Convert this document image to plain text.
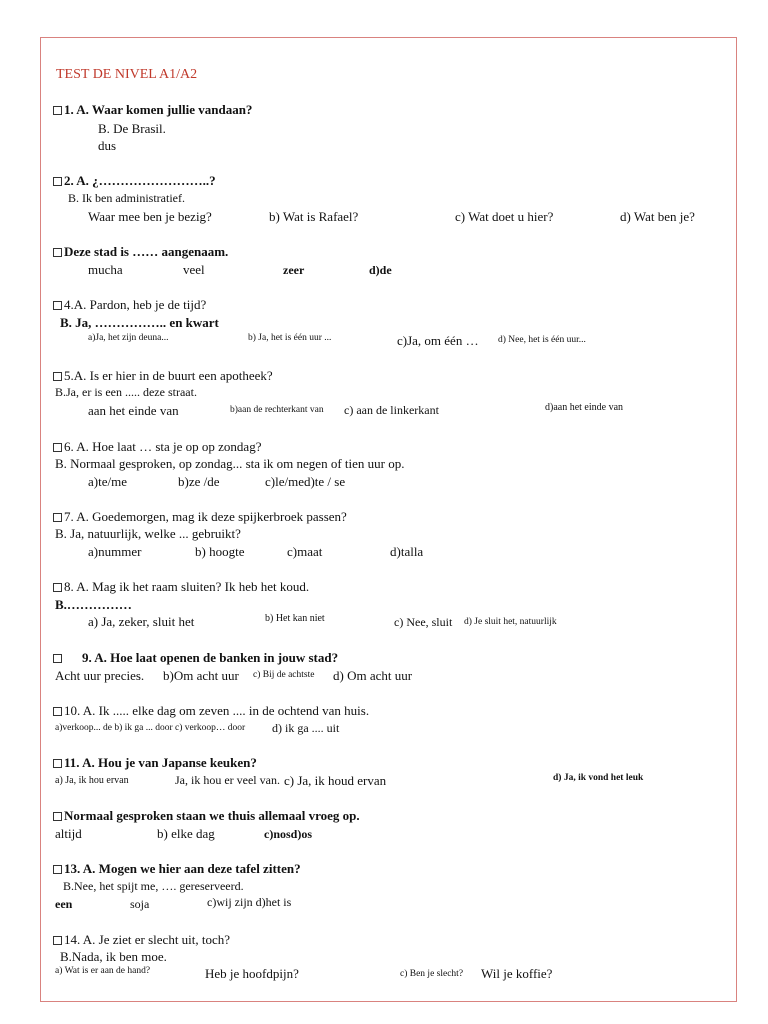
TEST DE NIVEL A1/A2
1. A. Waar komen jullie vandaan?
B. De Brasil.
dus
2. A. ¿……………………..?
B. Ik ben administratief.
Waar mee ben je bezig?	b) Wat is Rafael?	c) Wat doet u hier?	d) Wat ben je?
Deze stad is …… aangenaam.
mucha	veel	zeer	d)de
4.A. Pardon, heb je de tijd?
B. Ja, …………….. en kwart
a)Ja, het zijn deuna...	b) Ja, het is één uur ...	c)Ja, om één … d) Nee, het is één uur...
5.A. Is er hier in de buurt een apotheek?
B.Ja, er is een ..... deze straat.
aan het einde van	b)aan de rechterkant van c) aan de linkerkant	d)aan het einde van
6. A. Hoe laat … sta je op op zondag?
B. Normaal gesproken, op zondag... sta ik om negen of tien uur op.
a)te/me	b)ze /de	c)le/med)te / se
7. A. Goedemorgen, mag ik deze spijkerbroek passen?
B. Ja, natuurlijk, welke ... gebruikt?
a)nummer	b) hoogte	c)maat	d)talla
8. A. Mag ik het raam sluiten? Ik heb het koud.
B.……………
a) Ja, zeker, sluit het	b) Het kan niet	c) Nee, sluit d) Je sluit het, natuurlijk
9. A. Hoe laat openen de banken in jouw stad?
Acht uur precies. b)Om acht uur c) Bij de achtste d) Om acht uur
10. A. Ik ..... elke dag om zeven .... in de ochtend van huis.
a)verkoop... de b) ik ga ... door c) verkoop… door d) ik ga .... uit
11. A. Hou je van Japanse keuken?
a) Ja, ik hou ervan	Ja, ik hou er veel van. c) Ja, ik houd ervan	d) Ja, ik vond het leuk
Normaal gesproken staan we thuis allemaal vroeg op.
altijd	b) elke dag	c)nosd)os
13. A. Mogen we hier aan deze tafel zitten?
B.Nee, het spijt me, …. gereserveerd.
een	soja	c)wij zijn d)het is
14. A. Je ziet er slecht uit, toch?
B.Nada, ik ben moe.
a) Wat is er aan de hand?	Heb je hoofdpijn?	c) Ben je slecht? Wil je koffie?
